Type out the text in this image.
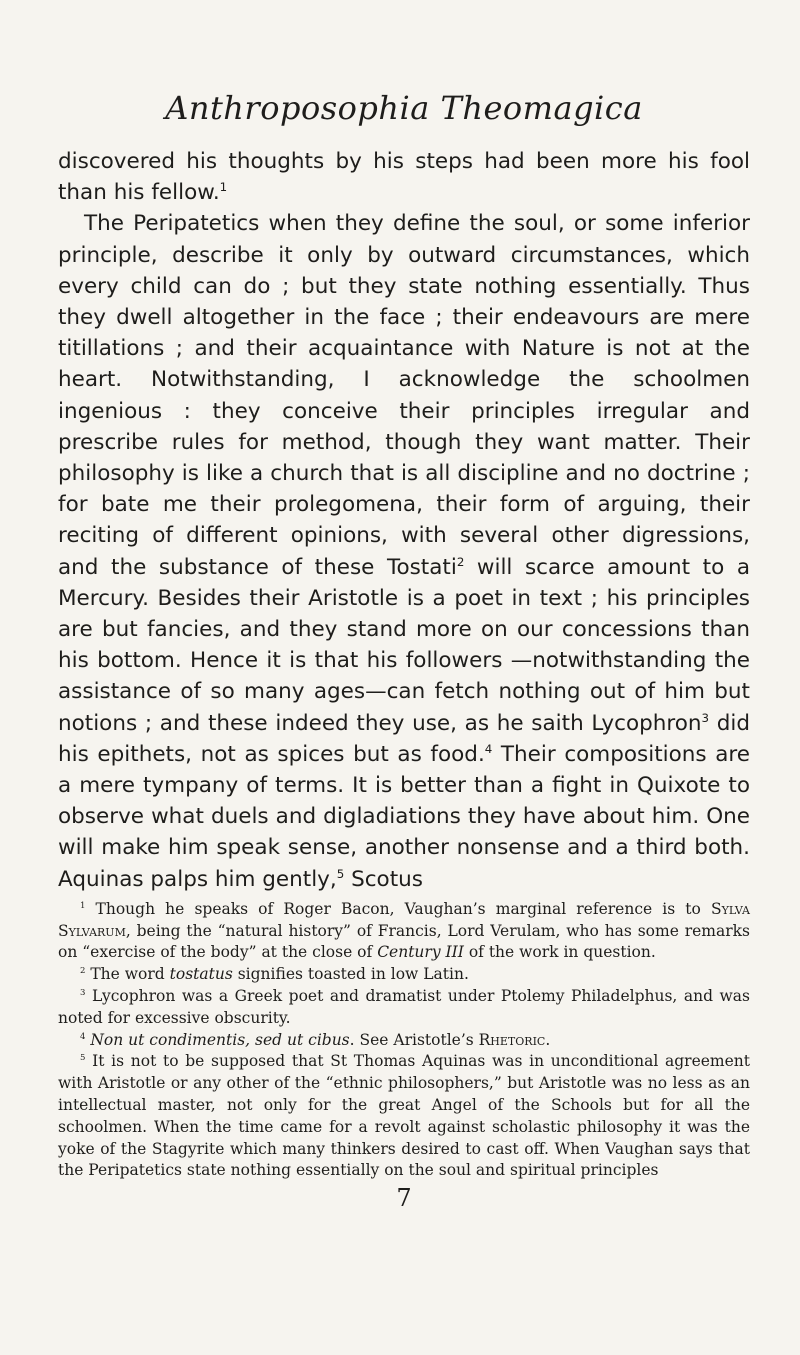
Anthroposophia Theomagica

discovered his thoughts by his steps had been more his fool than his fellow.$^1$

The Peripatetics when they define the soul, or some inferior principle, describe it only by outward circumstances, which every child can do ; but they state nothing essentially. Thus they dwell altogether in the face ; their endeavours are mere titillations ; and their acquaintance with Nature is not at the heart. Notwithstanding, I acknowledge the schoolmen ingenious : they conceive their principles irregular and prescribe rules for method, though they want matter. Their philosophy is like a church that is all discipline and no doctrine ; for bate me their prolegomena, their form of arguing, their reciting of different opinions, with several other digressions, and the substance of these Tostati$^2$ will scarce amount to a Mercury. Besides their Aristotle is a poet in text ; his principles are but fancies, and they stand more on our concessions than his bottom. Hence it is that his followers —notwithstanding the assistance of so many ages—can fetch nothing out of him but notions ; and these indeed they use, as he saith Lycophron$^3$ did his epithets, not as spices but as food.$^4$ Their compositions are a mere tympany of terms. It is better than a fight in Quixote to observe what duels and digladiations they have about him. One will make him speak sense, another nonsense and a third both. Aquinas palps him gently,$^5$ Scotus

$^1$ Though he speaks of Roger Bacon, Vaughan’s marginal reference is to Sylva Sylvarum, being the “natural history” of Francis, Lord Verulam, who has some remarks on “exercise of the body” at the close of Century III of the work in question.

$^2$ The word tostatus signifies toasted in low Latin.

$^3$ Lycophron was a Greek poet and dramatist under Ptolemy Philadelphus, and was noted for excessive obscurity.

$^4$ Non ut condimentis, sed ut cibus. See Aristotle’s Rhetoric.

$^5$ It is not to be supposed that St Thomas Aquinas was in unconditional agreement with Aristotle or any other of the “ethnic philosophers,” but Aristotle was no less as an intellectual master, not only for the great Angel of the Schools but for all the schoolmen. When the time came for a revolt against scholastic philosophy it was the yoke of the Stagyrite which many thinkers desired to cast off. When Vaughan says that the Peripatetics state nothing essentially on the soul and spiritual principles

7
